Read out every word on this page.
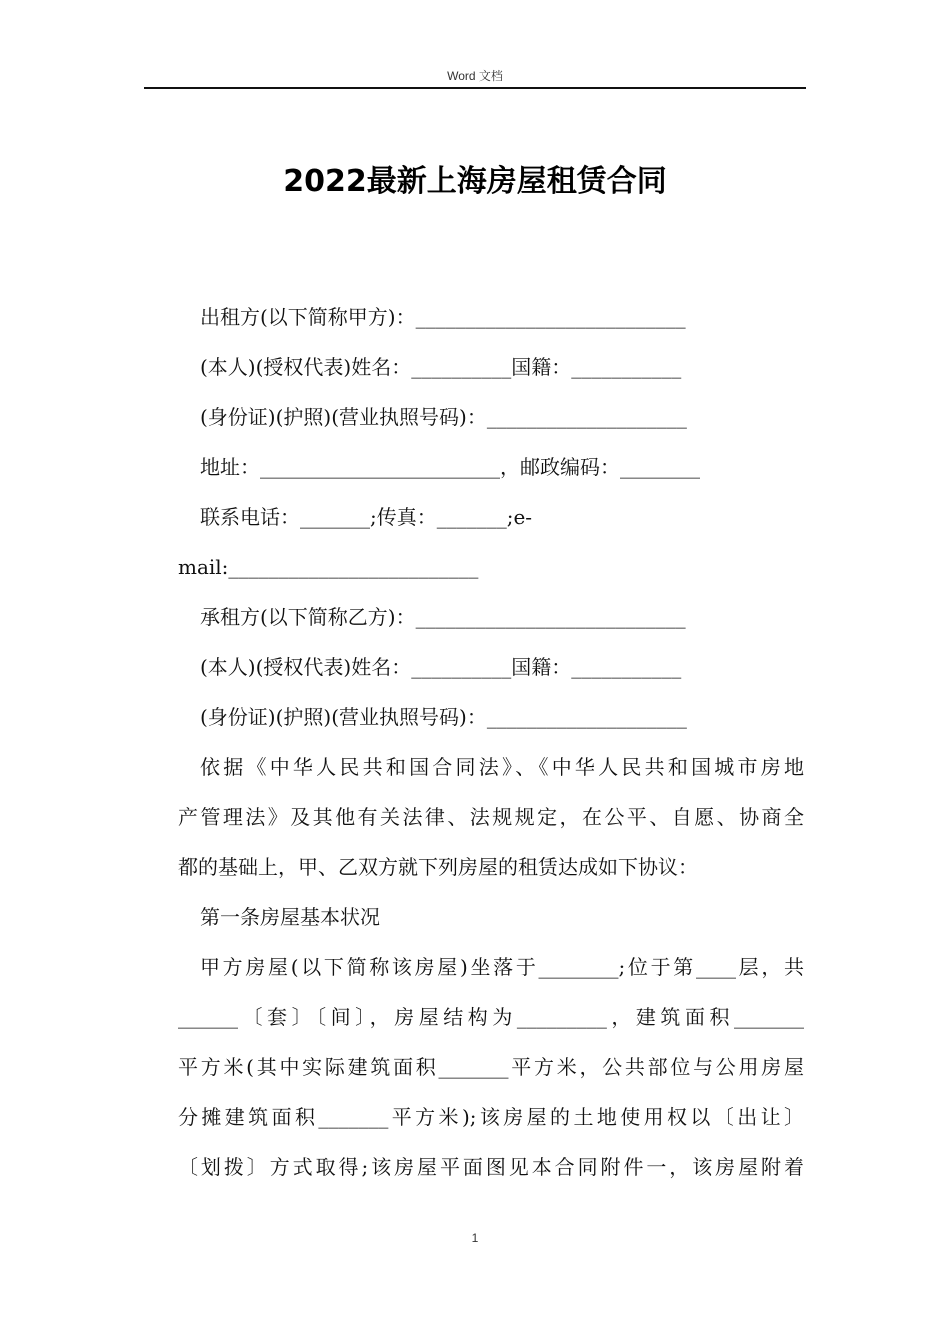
Word 文档
2022最新上海房屋租赁合同

出租方(以下简称甲方)：___________________________

(本人)(授权代表)姓名：__________国籍：___________

(身份证)(护照)(营业执照号码)：____________________

地址：________________________，邮政编码：________

联系电话：_______;传真：_______;e-

mail:_________________________

承租方(以下简称乙方)：___________________________

(本人)(授权代表)姓名：__________国籍：___________

(身份证)(护照)(营业执照号码)：____________________

依据《中华人民共和国合同法》、《中华人民共和国城市房地

产管理法》及其他有关法律、法规规定，在公平、自愿、协商全

都的基础上，甲、乙双方就下列房屋的租赁达成如下协议：

第一条房屋基本状况

甲方房屋(以下简称该房屋)坐落于________;位于第____层，共

______〔套〕〔间〕，房屋结构为_________，建筑面积_______

平方米(其中实际建筑面积_______平方米，公共部位与公用房屋

分摊建筑面积_______平方米);该房屋的土地使用权以〔出让〕

〔划拨〕方式取得;该房屋平面图见本合同附件一，该房屋附着

1
